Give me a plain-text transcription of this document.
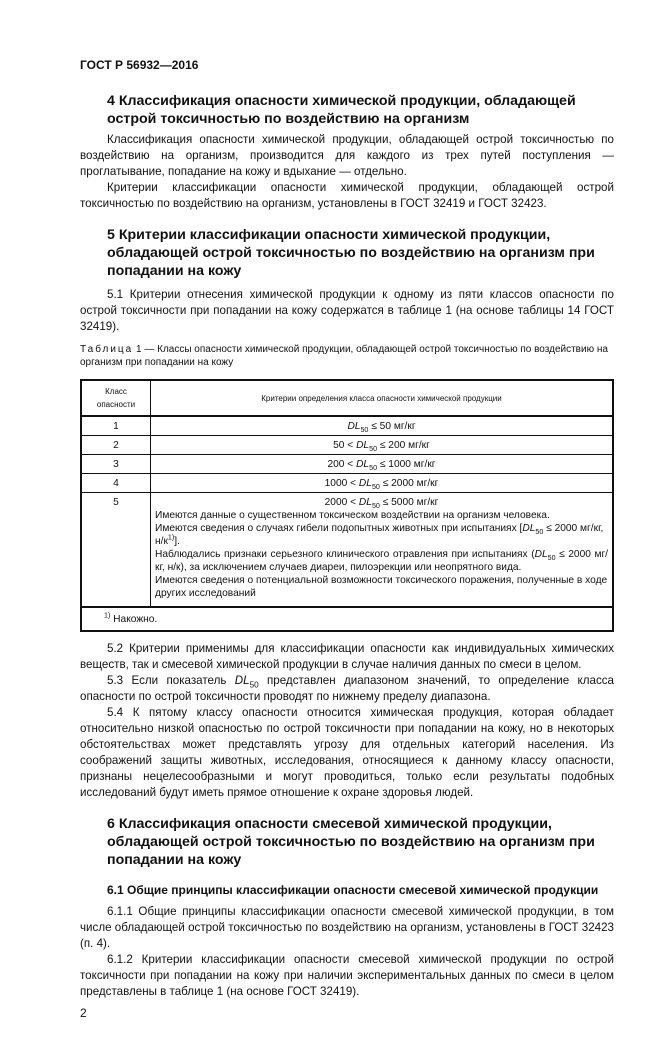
ГОСТ Р 56932—2016

4 Классификация опасности химической продукции, обладающей острой токсичностью по воздействию на организм

Классификация опасности химической продукции, обладающей острой токсичностью по воздействию на организм, производится для каждого из трех путей поступления — проглатывание, попадание на кожу и вдыхание — отдельно.

Критерии классификации опасности химической продукции, обладающей острой токсичностью по воздействию на организм, установлены в ГОСТ 32419 и ГОСТ 32423.

5 Критерии классификации опасности химической продукции, обладающей острой токсичностью по воздействию на организм при попадании на кожу

5.1 Критерии отнесения химической продукции к одному из пяти классов опасности по острой токсичности при попадании на кожу содержатся в таблице 1 (на основе таблицы 14 ГОСТ 32419).

Таблица 1 — Классы опасности химической продукции, обладающей острой токсичностью по воздействию на организм при попадании на кожу
Класс опасности	Критерии определения класса опасности химической продукции
1	$DL_{50} \le 50$ мг/кг
2	$50 < DL_{50} \le 200$ мг/кг
3	$200 < DL_{50} \le 1000$ мг/кг
4	$1000 < DL_{50} \le 2000$ мг/кг
5	$2000 < DL_{50} \le 5000$ мг/кг
Имеются данные о существенном токсическом воздействии на организм человека.
Имеются сведения о случаях гибели подопытных животных при испытаниях [$DL_{50} \le 2000$ мг/кг, $н/к^{1)}$].
Наблюдались признаки серьезного клинического отравления при испытаниях ($DL_{50} \le 2000$ мг/кг, н/к), за исключением случаев диареи, пилоэрекции или неопрятного вида.
Имеются сведения о потенциальной возможности токсического поражения, полученные в ходе других исследований

$^{1)}$ Накожно.	

5.2 Критерии применимы для классификации опасности как индивидуальных химических веществ, так и смесевой химической продукции в случае наличия данных по смеси в целом.

5.3 Если показатель $DL_{50}$ представлен диапазоном значений, то определение класса опасности по острой токсичности проводят по нижнему пределу диапазона.

5.4 К пятому классу опасности относится химическая продукция, которая обладает относительно низкой опасностью по острой токсичности при попадании на кожу, но в некоторых обстоятельствах может представлять угрозу для отдельных категорий населения. Из соображений защиты животных, исследования, относящиеся к данному классу опасности, признаны нецелесообразными и могут проводиться, только если результаты подобных исследований будут иметь прямое отношение к охране здоровья людей.

6 Классификация опасности смесевой химической продукции, обладающей острой токсичностью по воздействию на организм при попадании на кожу

6.1 Общие принципы классификации опасности смесевой химической продукции

6.1.1 Общие принципы классификации опасности смесевой химической продукции, в том числе обладающей острой токсичностью по воздействию на организм, установлены в ГОСТ 32423 (п. 4).

6.1.2 Критерии классификации опасности смесевой химической продукции по острой токсичности при попадании на кожу при наличии экспериментальных данных по смеси в целом представлены в таблице 1 (на основе ГОСТ 32419).

2
